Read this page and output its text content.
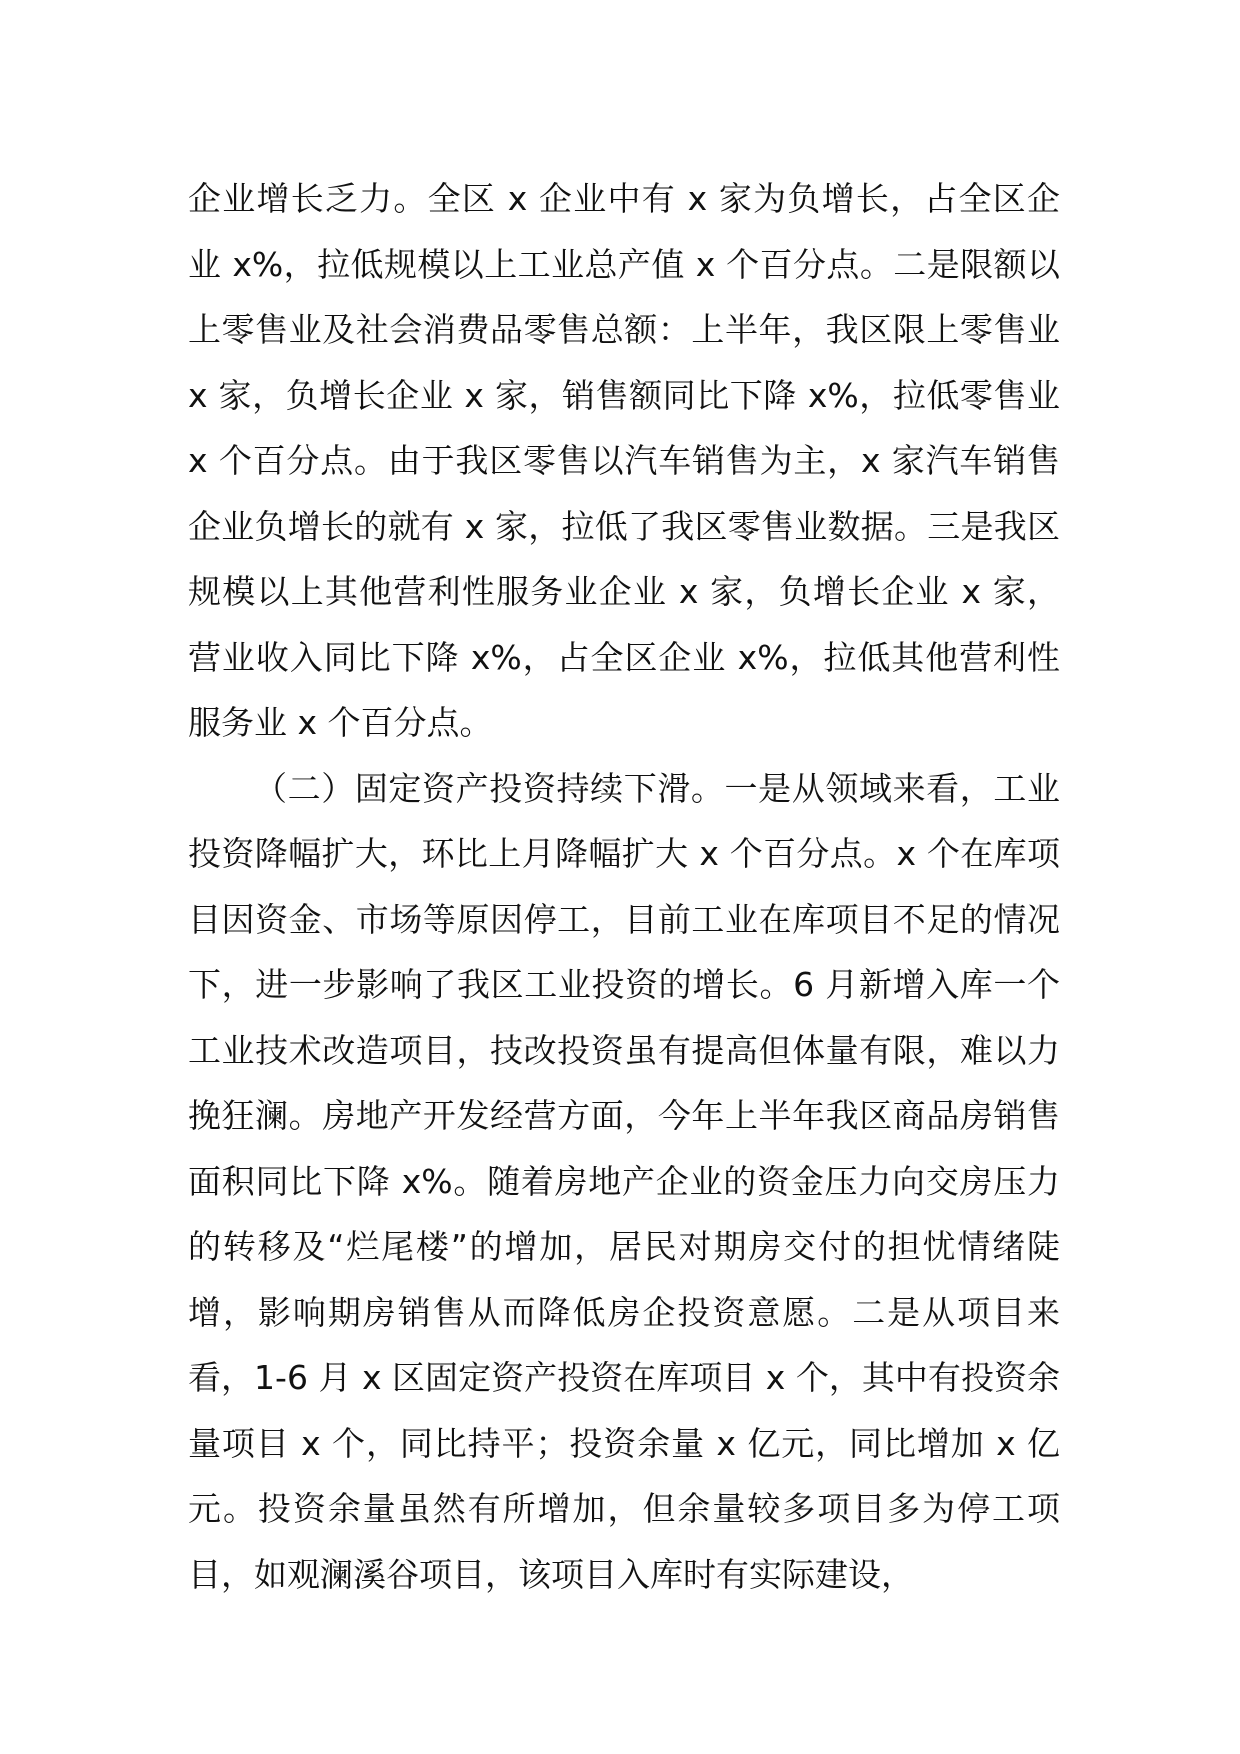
企业增长乏力。全区 x 企业中有 x 家为负增长，占全区企业 x%，拉低规模以上工业总产值 x 个百分点。二是限额以上零售业及社会消费品零售总额：上半年，我区限上零售业 x 家，负增长企业 x 家，销售额同比下降 x%，拉低零售业 x 个百分点。由于我区零售以汽车销售为主，x 家汽车销售企业负增长的就有 x 家，拉低了我区零售业数据。三是我区规模以上其他营利性服务业企业 x 家，负增长企业 x 家，营业收入同比下降 x%，占全区企业 x%，拉低其他营利性服务业 x 个百分点。

（二）固定资产投资持续下滑。一是从领域来看，工业投资降幅扩大，环比上月降幅扩大 x 个百分点。x 个在库项目因资金、市场等原因停工，目前工业在库项目不足的情况下，进一步影响了我区工业投资的增长。6 月新增入库一个工业技术改造项目，技改投资虽有提高但体量有限，难以力挽狂澜。房地产开发经营方面，今年上半年我区商品房销售面积同比下降 x%。随着房地产企业的资金压力向交房压力的转移及“烂尾楼”的增加，居民对期房交付的担忧情绪陡增，影响期房销售从而降低房企投资意愿。二是从项目来看，1-6 月 x 区固定资产投资在库项目 x 个，其中有投资余量项目 x 个，同比持平；投资余量 x 亿元，同比增加 x 亿元。投资余量虽然有所增加，但余量较多项目多为停工项目，如观澜溪谷项目，该项目入库时有实际建设，
